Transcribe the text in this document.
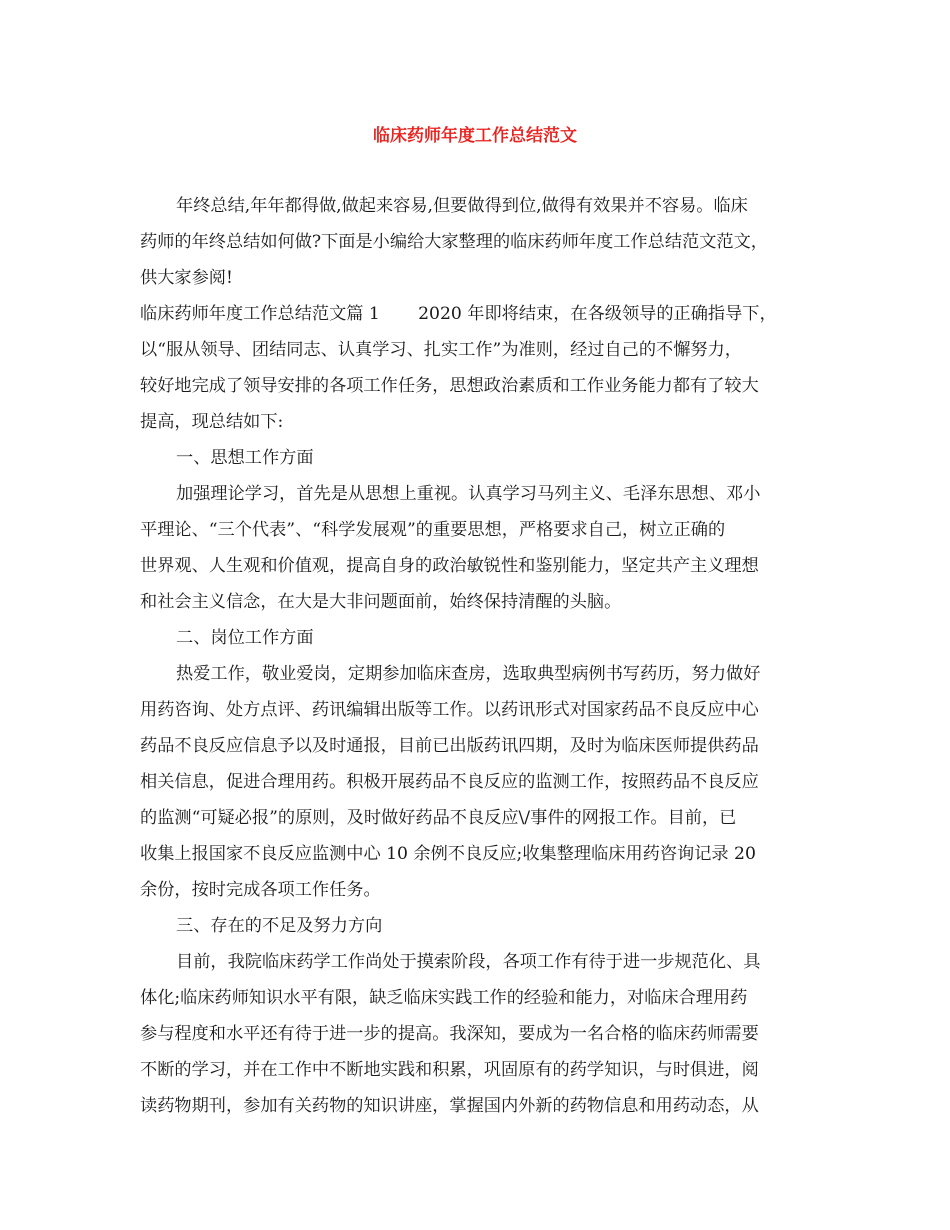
临床药师年度工作总结范文
年终总结,年年都得做,做起来容易,但要做得到位,做得有效果并不容易。临床
药师的年终总结如何做?下面是小编给大家整理的临床药师年度工作总结范文范文，
供大家参阅!
临床药师年度工作总结范文篇 1       2020 年即将结束，在各级领导的正确指导下，
以“服从领导、团结同志、认真学习、扎实工作”为准则，经过自己的不懈努力，
较好地完成了领导安排的各项工作任务，思想政治素质和工作业务能力都有了较大
提高，现总结如下:
一、思想工作方面
加强理论学习，首先是从思想上重视。认真学习马列主义、毛泽东思想、邓小
平理论、“三个代表”、“科学发展观”的重要思想，严格要求自己，树立正确的
世界观、人生观和价值观，提高自身的政治敏锐性和鉴别能力，坚定共产主义理想
和社会主义信念，在大是大非问题面前，始终保持清醒的头脑。
二、岗位工作方面
热爱工作，敬业爱岗，定期参加临床查房，选取典型病例书写药历，努力做好
用药咨询、处方点评、药讯编辑出版等工作。以药讯形式对国家药品不良反应中心
药品不良反应信息予以及时通报，目前已出版药讯四期，及时为临床医师提供药品
相关信息，促进合理用药。积极开展药品不良反应的监测工作，按照药品不良反应
的监测“可疑必报”的原则，及时做好药品不良反应\/事件的网报工作。目前，已
收集上报国家不良反应监测中心 10 余例不良反应;收集整理临床用药咨询记录 20
余份，按时完成各项工作任务。
三、存在的不足及努力方向
目前，我院临床药学工作尚处于摸索阶段，各项工作有待于进一步规范化、具
体化;临床药师知识水平有限，缺乏临床实践工作的经验和能力，对临床合理用药
参与程度和水平还有待于进一步的提高。我深知，要成为一名合格的临床药师需要
不断的学习，并在工作中不断地实践和积累，巩固原有的药学知识，与时俱进，阅
读药物期刊，参加有关药物的知识讲座，掌握国内外新的药物信息和用药动态，从
